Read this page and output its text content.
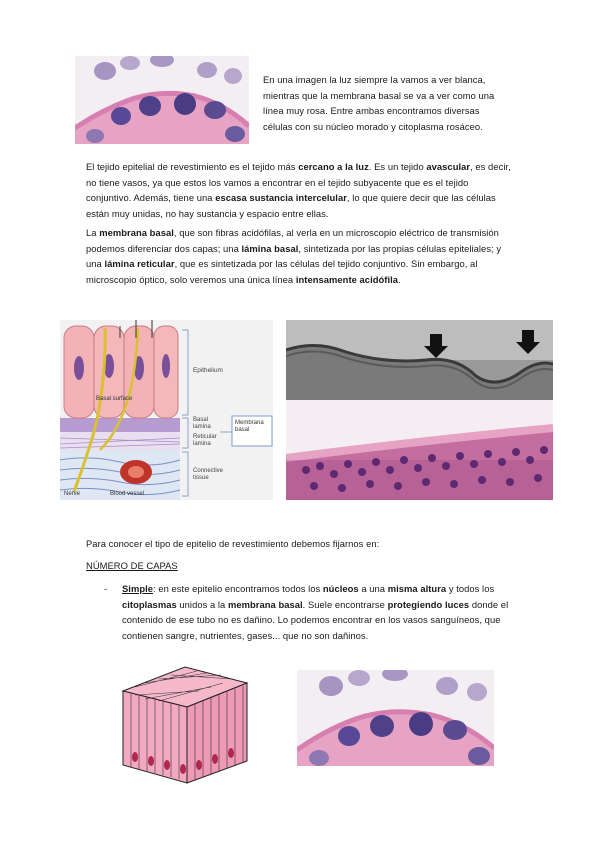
En una imagen la luz siempre la vamos a ver blanca, mientras que la membrana basal se va a ver como una línea muy rosa. Entre ambas encontramos diversas células con su núcleo morado y citoplasma rosáceo.

El tejido epitelial de revestimiento es el tejido más cercano a la luz. Es un tejido avascular, es decir, no tiene vasos, ya que estos los vamos a encontrar en el tejido subyacente que es el tejido conjuntivo. Además, tiene una escasa sustancia intercelular, lo que quiere decir que las células están muy unidas, no hay sustancia y espacio entre ellas.

La membrana basal, que son fibras acidófilas, al verla en un microscopio eléctrico de transmisión podemos diferenciar dos capas; una lámina basal, sintetizada por las propias células epiteliales; y una lámina reticular, que es sintetizada por las células del tejido conjuntivo. Sin embargo, al microscopio óptico, solo veremos una única línea intensamente acidófila.

Epithelium
Basal surface
Basal lamina
Reticular lamina
Membrana basal
Connective tissue
Nerve	Blood vessel

Para conocer el tipo de epitelio de revestimiento debemos fijarnos en:

NÚMERO DE CAPAS
- Simple: en este epitelio encontramos todos los núcleos a una misma altura y todos los citoplasmas unidos a la membrana basal. Suele encontrarse protegiendo luces donde el contenido de ese tubo no es dañino. Lo podemos encontrar en los vasos sanguíneos, que contienen sangre, nutrientes, gases... que no son dañinos.
